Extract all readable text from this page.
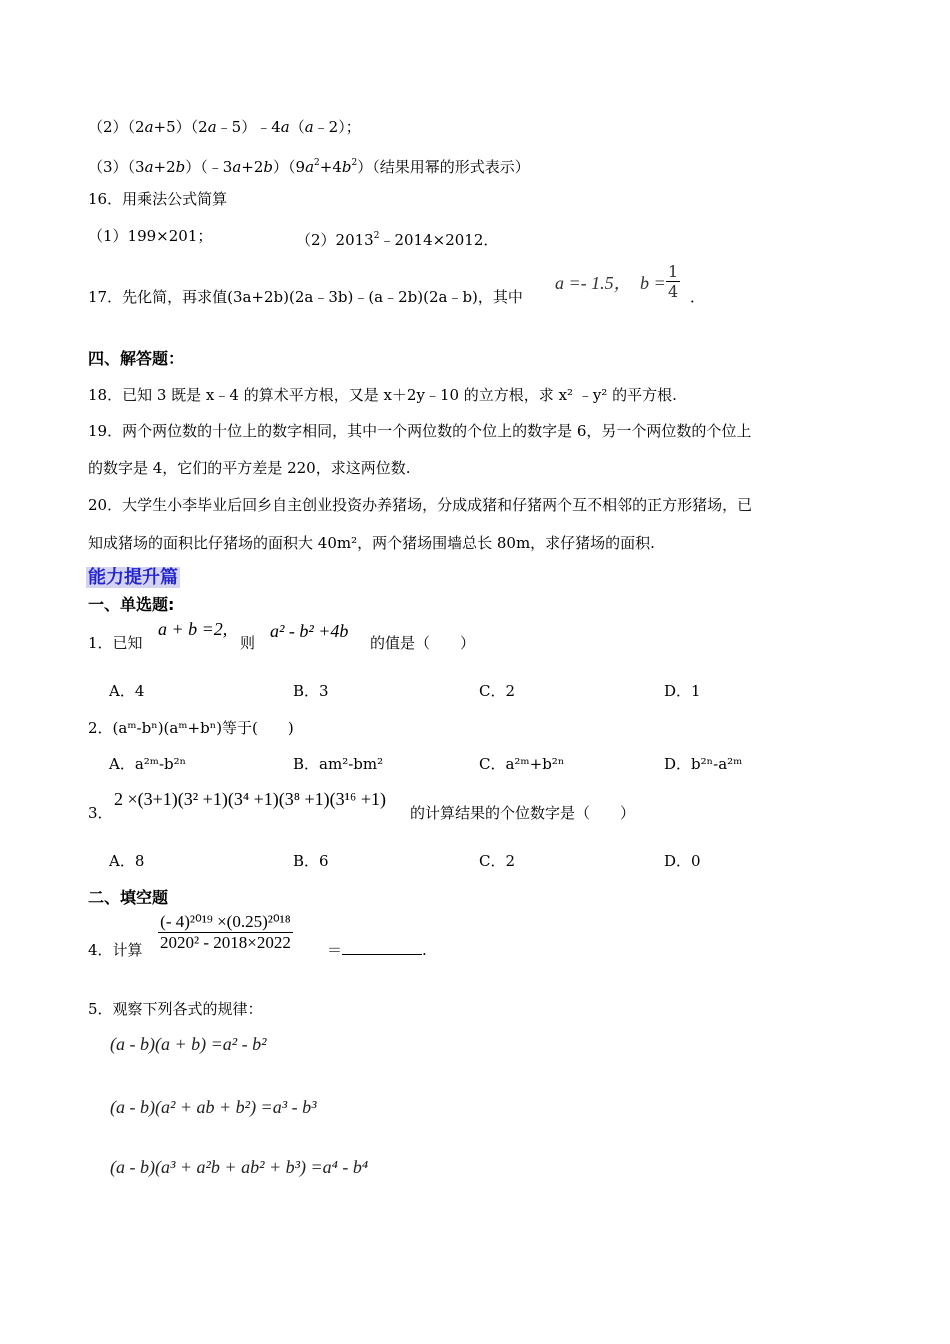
（2）（2a+5）（2a﹣5）﹣4a（a﹣2）；
$(3)(3a+2b)(﹣3a+2b)(9a^2+4b^2)$（结果用幂的形式表示）
16．用乘法公式简算
（1）199×201；	$(2)2013^2﹣2014\times 2012$．
17．先化简，再求值(3a+2b)(2a﹣3b)﹣(a﹣2b)(2a﹣b)，其中
a =- 1.5， $b = \frac{1}{4}$ ．
四、解答题：
18．已知 3 既是 x﹣4 的算术平方根，又是 x＋2y﹣10 的立方根，求 x² ﹣y² 的平方根.
19．两个两位数的十位上的数字相同，其中一个两位数的个位上的数字是 6，另一个两位数的个位上
的数字是 4，它们的平方差是 220，求这两位数.
20．大学生小李毕业后回乡自主创业投资办养猪场，分成成猪和仔猪两个互不相邻的正方形猪场，已
知成猪场的面积比仔猪场的面积大 40m²，两个猪场围墙总长 80m，求仔猪场的面积.
能力提升篇
一、单选题:
1．已知
a + b =2,
则
a² - b² +4b
的值是（　　）
A．4	B．3	C．2	D．1
2．(aᵐ-bⁿ)(aᵐ+bⁿ)等于(　　)
A．a²ᵐ-b²ⁿ	B．am²-bm²	C．a²ᵐ+b²ⁿ	D．b²ⁿ-a²ᵐ
3．
2 ×(3+1)(3² +1)(3⁴ +1)(3⁸ +1)(3¹⁶ +1)
的计算结果的个位数字是（　　）
A．8	B．6	C．2	D．0
二、填空题
4．计算 $\frac{\text{(- 4)²⁰¹⁹ ×(0.25)²⁰¹⁸}}{\text{2020² - 2018×2022}}$ ＝	.
5．观察下列各式的规律：
(a - b)(a + b) =a² - b²
(a - b)(a² + ab + b²) =a³ - b³
(a - b)(a³ + a²b + ab² + b³) =a⁴ - b⁴
